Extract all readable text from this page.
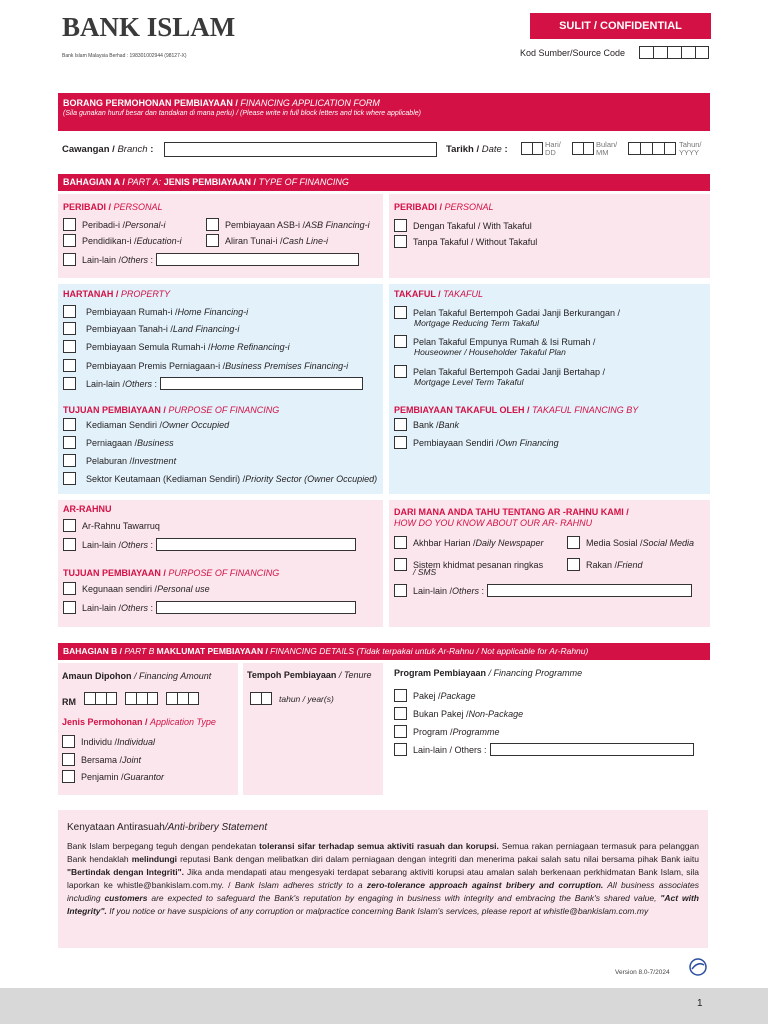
BANK ISLAM
Bank Islam Malaysia Berhad : 198301002944 (98127-X)
SULIT / CONFIDENTIAL
Kod Sumber/Source Code
BORANG PERMOHONAN PEMBIAYAAN / FINANCING APPLICATION FORM
(Sila gunakan huruf besar dan tandakan di mana perlu) / (Please write in full block letters and tick where applicable)
Cawangan / Branch :	Tarikh / Date :	Hari/
DD
Bulan/
MM
Tahun/
YYYY
BAHAGIAN A / PART A: JENIS PEMBIAYAAN / TYPE OF FINANCING
PERIBADI / PERSONAL
Peribadi-i / Personal-i
Pendidikan-i / Education-i
Lain-lain / Others :
Pembiayaan ASB-i / ASB Financing-i
Aliran Tunai-i / Cash Line-i
PERIBADI / PERSONAL
Dengan Takaful / With Takaful
Tanpa Takaful / Without Takaful
HARTANAH / PROPERTY
Pembiayaan Rumah-i / Home Financing-i
Pembiayaan Tanah-i / Land Financing-i
Pembiayaan Semula Rumah-i / Home Refinancing-i
Pembiayaan Premis Perniagaan-i / Business Premises Financing-i
Lain-lain / Others :
TUJUAN PEMBIAYAAN / PURPOSE OF FINANCING
Kediaman Sendiri / Owner Occupied
Perniagaan / Business
Pelaburan / Investment
Sektor Keutamaan (Kediaman Sendiri) / Priority Sector (Owner Occupied)
TAKAFUL / TAKAFUL
Pelan Takaful Bertempoh Gadai Janji Berkurangan /
Mortgage Reducing Term Takaful
Pelan Takaful Empunya Rumah & Isi Rumah /
Houseowner / Householder Takaful Plan
Pelan Takaful Bertempoh Gadai Janji Bertahap /
Mortgage Level Term Takaful
PEMBIAYAAN TAKAFUL OLEH / TAKAFUL FINANCING BY
Bank / Bank
Pembiayaan Sendiri / Own Financing
AR-RAHNU
Ar-Rahnu Tawarruq
Lain-lain / Others :
TUJUAN PEMBIAYAAN / PURPOSE OF FINANCING
Kegunaan sendiri / Personal use
Lain-lain / Others :
DARI MANA ANDA TAHU TENTANG AR -RAHNU KAMI /
HOW DO YOU KNOW ABOUT OUR AR- RAHNU
Akhbar Harian / Daily Newspaper
Sistem khidmat pesanan ringkas
/ SMS
Lain-lain / Others :
Media Sosial / Social Media
Rakan / Friend
BAHAGIAN B / PART B MAKLUMAT PEMBIAYAAN / FINANCING DETAILS (Tidak terpakai untuk Ar-Rahnu / Not applicable for Ar-Rahnu)
Amaun Dipohon / Financing Amount
RM
Jenis Permohonan / Application Type
Individu / Individual
Bersama / Joint
Penjamin / Guarantor
Tempoh Pembiayaan / Tenure
tahun / year(s)
Program Pembiayaan / Financing Programme
Pakej / Package
Bukan Pakej / Non-Package
Program / Programme
Lain-lain / Others :
Kenyataan Antirasuah/Anti-bribery Statement
Bank Islam berpegang teguh dengan pendekatan toleransi sifar terhadap semua aktiviti rasuah dan korupsi. Semua rakan perniagaan termasuk para pelanggan Bank hendaklah melindungi reputasi Bank dengan melibatkan diri dalam perniagaan dengan integriti dan menerima pakai salah satu nilai bersama pihak Bank iaitu "Bertindak dengan Integriti". Jika anda mendapati atau mengesyaki terdapat sebarang aktiviti korupsi atau amalan salah berkenaan perkhidmatan Bank Islam, sila laporkan ke whistle@bankislam.com.my. / Bank Islam adheres strictly to a zero-tolerance approach against bribery and corruption. All business associates including customers are expected to safeguard the Bank's reputation by engaging in business with integrity and embracing the Bank's shared value, "Act with Integrity". If you notice or have suspicions of any corruption or malpractice concerning Bank Islam's services, please report at whistle@bankislam.com.my
Version 8.0-7/2024
1
